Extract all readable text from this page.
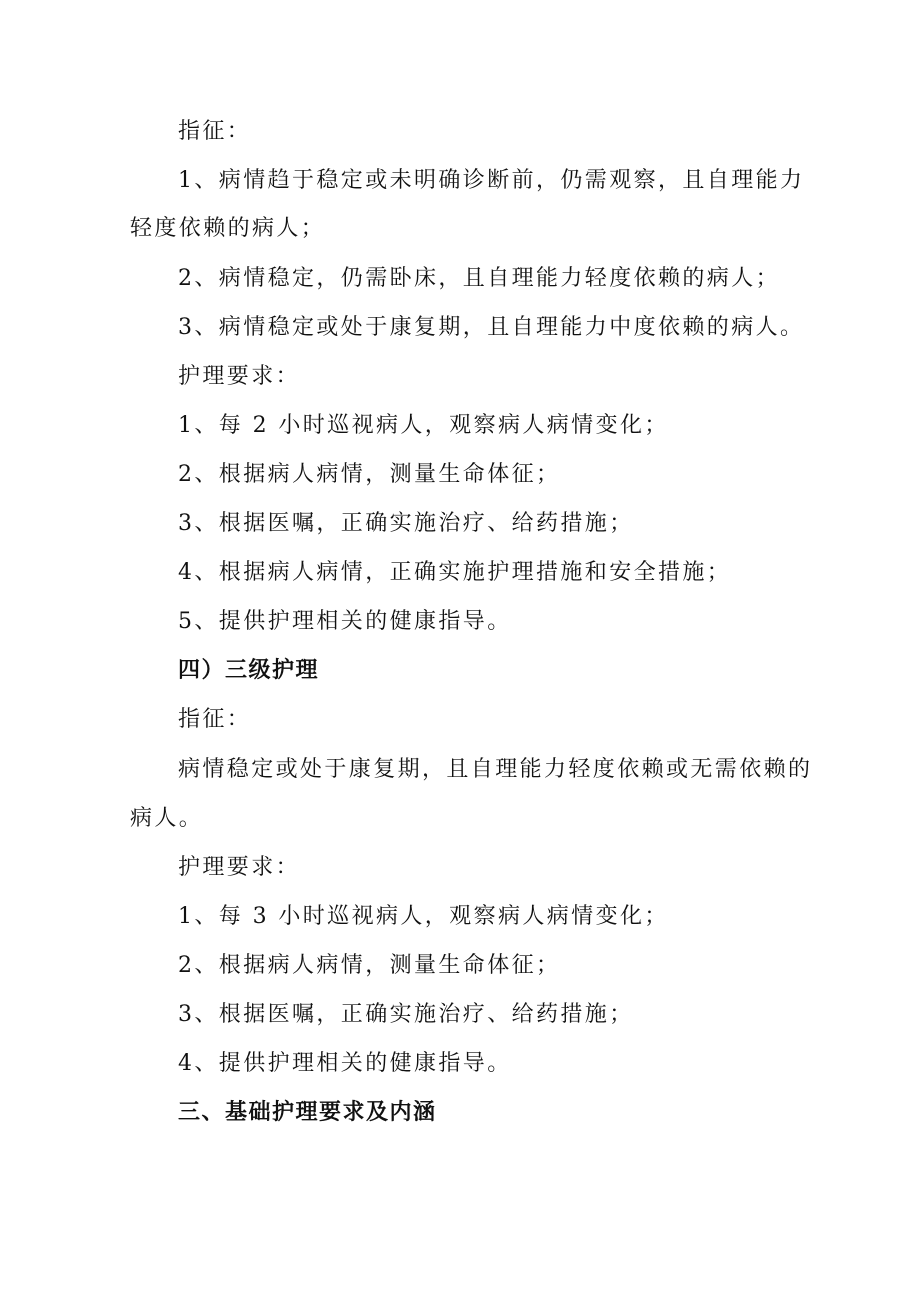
指征：
1、病情趋于稳定或未明确诊断前，仍需观察，且自理能力
轻度依赖的病人；
2、病情稳定，仍需卧床，且自理能力轻度依赖的病人；
3、病情稳定或处于康复期，且自理能力中度依赖的病人。
护理要求：
1、每 2 小时巡视病人，观察病人病情变化；
2、根据病人病情，测量生命体征；
3、根据医嘱，正确实施治疗、给药措施；
4、根据病人病情，正确实施护理措施和安全措施；
5、提供护理相关的健康指导。
四）三级护理
指征：
病情稳定或处于康复期，且自理能力轻度依赖或无需依赖的
病人。
护理要求：
1、每 3 小时巡视病人，观察病人病情变化；
2、根据病人病情，测量生命体征；
3、根据医嘱，正确实施治疗、给药措施；
4、提供护理相关的健康指导。
三、基础护理要求及内涵
